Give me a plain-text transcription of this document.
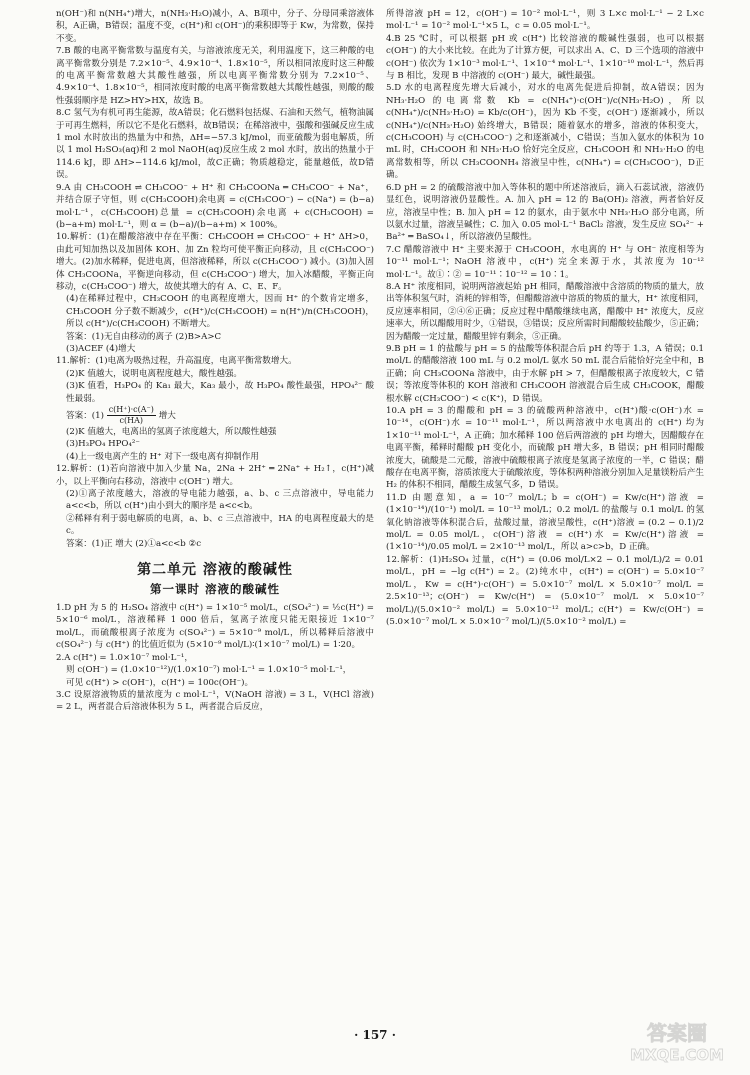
n(OH⁻)和 n(NH₄⁺)增大，n(NH₃·H₂O)减小，A、B项中，分子、分母同乘溶液体积，A正确，B错误；温度不变，c(H⁺)和 c(OH⁻)的乘积即等于 Kw，为常数，保持不变。

7.B 酸的电离平衡常数与温度有关，与溶液浓度无关，利用温度下，这三种酸的电离平衡常数分别是 7.2×10⁻⁵、4.9×10⁻⁴、1.8×10⁻⁵，所以相同浓度时这三种酸的电离平衡常数越大其酸性越强，所以电离平衡常数分别为 7.2×10⁻⁵、4.9×10⁻⁴、1.8×10⁻⁵，相同浓度时酸的电离平衡常数越大其酸性越强，则酸的酸性强弱顺序是 HZ>HY>HX，故选 B。

8.C 氢气为有机可再生能源，故A错误；化石燃料包括煤、石油和天然气，植物油属于可再生燃料，所以它不是化石燃料，故B错误；在稀溶液中，强酸和强碱反应生成 1 mol 水时放出的热量为中和热，ΔH=−57.3 kJ/mol，而亚硫酸为弱电解质，所以 1 mol H₂SO₃(aq)和 2 mol NaOH(aq)反应生成 2 mol 水时，放出的热量小于 114.6 kJ，即 ΔH>−114.6 kJ/mol，故C正确；物质越稳定，能量越低，故D错误。

9.A 由 CH₃COOH ⇌ CH₃COO⁻ + H⁺ 和 CH₃COONa ═ CH₃COO⁻ + Na⁺，并结合原子守恒，则 c(CH₃COOH)余电离 = c(CH₃COO⁻) − c(Na⁺) = (b−a) mol·L⁻¹，c(CH₃COOH)总量 = c(CH₃COOH)余电离 + c(CH₃COOH) = (b−a+m) mol·L⁻¹，则 α = (b−a)/(b−a+m) × 100%。

10.解析：(1)在醋酸溶液中存在平衡：CH₃COOH ⇌ CH₃COO⁻ + H⁺ ΔH>0，由此可知加热以及加固体 KOH、加 Zn 粒均可使平衡正向移动，且 c(CH₃COO⁻) 增大。(2)加水稀释，促进电离，但溶液稀释，所以 c(CH₃COO⁻) 减小。(3)加入固体 CH₃COONa，平衡逆向移动，但 c(CH₃COO⁻) 增大，加入冰醋酸，平衡正向移动，c(CH₃COO⁻) 增大，故使其增大的有 A、C、E、F。

(4)在稀释过程中，CH₃COOH 的电离程度增大，因而 H⁺ 的个数肯定增多，CH₃COOH 分子数不断减少，c(H⁺)/c(CH₃COOH) = n(H⁺)/n(CH₃COOH)，所以 c(H⁺)/c(CH₃COOH) 不断增大。

答案：(1)无自由移动的离子 (2)B>A>C

(3)ACEF (4)增大

11.解析：(1)电离为吸热过程，升高温度，电离平衡常数增大。

(2)K 值越大，说明电离程度越大，酸性越强。

(3)K 值看，H₃PO₄ 的 Ka₁ 最大，Ka₃ 最小，故 H₃PO₄ 酸性最强，HPO₄²⁻ 酸性最弱。

答案：$(1) \frac{c(H^+)\cdot c(A^-)}{c(HA)}$ 增大

(2)K 值越大，电离出的氢离子浓度越大，所以酸性越强

(3)H₃PO₄ HPO₄²⁻

(4)上一级电离产生的 H⁺ 对下一级电离有抑制作用

12.解析：(1)若向溶液中加入少量 Na，2Na + 2H⁺ ═ 2Na⁺ + H₂↑，c(H⁺)减小，以上平衡向右移动，溶液中 c(OH⁻) 增大。

(2)①离子浓度越大，溶液的导电能力越强，a、b、c 三点溶液中，导电能力 a<c<b，所以 c(H⁺)由小到大的顺序是 a<c<b。

②稀释有利于弱电解质的电离，a、b、c 三点溶液中，HA 的电离程度最大的是 c。

答案：(1)正 增大 (2)①a<c<b ②c

第二单元 溶液的酸碱性
第一课时 溶液的酸碱性

1.D pH 为 5 的 H₂SO₄ 溶液中 c(H⁺) = 1×10⁻⁵ mol/L，c(SO₄²⁻) = ½c(H⁺) = 5×10⁻⁶ mol/L，溶液稀释 1 000 倍后，氢离子浓度只能无限接近 1×10⁻⁷ mol/L，而硫酸根离子浓度为 c(SO₄²⁻) = 5×10⁻⁹ mol/L，所以稀释后溶液中 c(SO₄²⁻) 与 c(H⁺) 的比值近似为 (5×10⁻⁹ mol/L)∶(1×10⁻⁷ mol/L) = 1∶20。

2.A c(H⁺) = 1.0×10⁻⁷ mol·L⁻¹，

则 c(OH⁻) = (1.0×10⁻¹²)/(1.0×10⁻⁷) mol·L⁻¹ = 1.0×10⁻⁵ mol·L⁻¹，

可见 c(H⁺) > c(OH⁻)，c(H⁺) = 100c(OH⁻)。

3.C 设原溶液物质的量浓度为 c mol·L⁻¹，V(NaOH 溶液) = 3 L，V(HCl 溶液) = 2 L，两者混合后溶液体积为 5 L，两者混合后反应，

所得溶液 pH = 12，c(OH⁻) = 10⁻² mol·L⁻¹，则 3 L×c mol·L⁻¹ − 2 L×c mol·L⁻¹ = 10⁻² mol·L⁻¹×5 L，c = 0.05 mol·L⁻¹。

4.B 25 ℃时，可以根据 pH 或 c(H⁺) 比较溶液的酸碱性强弱，也可以根据 c(OH⁻) 的大小来比较。在此为了计算方便，可以求出 A、C、D 三个选项的溶液中 c(OH⁻) 依次为 1×10⁻³ mol·L⁻¹、1×10⁻⁴ mol·L⁻¹、1×10⁻¹⁰ mol·L⁻¹，然后再与 B 相比，发现 B 中溶液的 c(OH⁻) 最大，碱性最强。

5.D 水的电离程度先增大后减小，对水的电离先促进后抑制，故A错误；因为 NH₃·H₂O 的电离常数 Kb = c(NH₄⁺)·c(OH⁻)/c(NH₃·H₂O)，所以 c(NH₄⁺)/c(NH₃·H₂O) = Kb/c(OH⁻)，因为 Kb 不变，c(OH⁻) 逐渐减小，所以 c(NH₄⁺)/c(NH₃·H₂O) 始终增大，B错误；随着氨水的增多，溶液的体积变大，c(CH₃COOH) 与 c(CH₃COO⁻) 之和逐渐减小，C错误；当加入氨水的体积为 10 mL 时，CH₃COOH 和 NH₃·H₂O 恰好完全反应，CH₃COOH 和 NH₃·H₂O 的电离常数相等，所以 CH₃COONH₄ 溶液呈中性，c(NH₄⁺) = c(CH₃COO⁻)，D正确。

6.D pH = 2 的硫酸溶液中加入等体积的题中所述溶液后，滴入石蕊试液，溶液仍显红色，说明溶液仍显酸性。A. 加入 pH = 12 的 Ba(OH)₂ 溶液，两者恰好反应，溶液呈中性；B. 加入 pH = 12 的氨水，由于氨水中 NH₃·H₂O 部分电离，所以氨水过量，溶液呈碱性；C. 加入 0.05 mol·L⁻¹ BaCl₂ 溶液，发生反应 SO₄²⁻ + Ba²⁺ ═ BaSO₄↓，所以溶液仍呈酸性。

7.C 醋酸溶液中 H⁺ 主要来源于 CH₃COOH，水电离的 H⁺ 与 OH⁻ 浓度相等为 10⁻¹¹ mol·L⁻¹；NaOH 溶液中，c(H⁺) 完全来源于水，其浓度为 10⁻¹² mol·L⁻¹。故①∶② = 10⁻¹¹∶10⁻¹² = 10∶1。

8.A H⁺ 浓度相同，说明两溶液起始 pH 相同，醋酸溶液中含溶质的物质的量大，放出等体积氢气时，消耗的锌相等，但醋酸溶液中溶质的物质的量大，H⁺ 浓度相同，反应速率相同，②④⑥正确；反应过程中醋酸继续电离，醋酸中 H⁺ 浓度大，反应速率大，所以醋酸用时少，①错误，③错误；反应所需时间醋酸较盐酸少，⑤正确；因为醋酸一定过量，醋酸里锌有剩余，⑤正确。

9.B pH = 1 的盐酸与 pH = 5 的盐酸等体积混合后 pH 约等于 1.3，A 错误；0.1 mol/L 的醋酸溶液 100 mL 与 0.2 mol/L 氨水 50 mL 混合后能恰好完全中和，B 正确；向 CH₃COONa 溶液中，由于水解 pH > 7，但醋酸根离子浓度较大，C 错误；等浓度等体积的 KOH 溶液和 CH₃COOH 溶液混合后生成 CH₃COOK，醋酸根水解 c(CH₃COO⁻) < c(K⁺)，D 错误。

10.A pH = 3 的醋酸和 pH = 3 的硫酸两种溶液中，c(H⁺)酸·c(OH⁻)水 = 10⁻¹⁴，c(OH⁻)水 = 10⁻¹¹ mol·L⁻¹，所以两溶液中水电离出的 c(H⁺) 均为 1×10⁻¹¹ mol·L⁻¹，A 正确；加水稀释 100 倍后两溶液的 pH 均增大，因醋酸存在电离平衡，稀释时醋酸 pH 变化小，而硫酸 pH 增大多，B 错误；pH 相同时醋酸浓度大，硫酸是二元酸，溶液中硫酸根离子浓度是氢离子浓度的一半，C 错误；醋酸存在电离平衡，溶质浓度大于硫酸浓度，等体积两种溶液分别加入足量镁粉后产生 H₂ 的体积不相同，醋酸生成氢气多，D 错误。

11.D 由题意知，a = 10⁻⁷ mol/L；b = c(OH⁻) = Kw/c(H⁺)溶液 = (1×10⁻¹⁴)/(10⁻¹) mol/L = 10⁻¹³ mol/L；0.2 mol/L 的盐酸与 0.1 mol/L 的氢氧化钠溶液等体积混合后，盐酸过量，溶液呈酸性，c(H⁺)溶液 = (0.2 − 0.1)/2 mol/L = 0.05 mol/L，c(OH⁻)溶液 = c(H⁺)水 = Kw/c(H⁺)溶液 = (1×10⁻¹⁴)/0.05 mol/L = 2×10⁻¹³ mol/L，所以 a>c>b，D 正确。

12.解析：(1)H₂SO₄ 过量，c(H⁺) = (0.06 mol/L×2 − 0.1 mol/L)/2 = 0.01 mol/L，pH = −lg c(H⁺) = 2。(2)纯水中，c(H⁺) = c(OH⁻) = 5.0×10⁻⁷ mol/L，Kw = c(H⁺)·c(OH⁻) = 5.0×10⁻⁷ mol/L × 5.0×10⁻⁷ mol/L = 2.5×10⁻¹³；c(OH⁻) = Kw/c(H⁺) = (5.0×10⁻⁷ mol/L × 5.0×10⁻⁷ mol/L)/(5.0×10⁻² mol/L) = 5.0×10⁻¹² mol/L；c(H⁺) = Kw/c(OH⁻) = (5.0×10⁻⁷ mol/L × 5.0×10⁻⁷ mol/L)/(5.0×10⁻² mol/L) =

· 157 ·	答案圈
MXQE.COM
